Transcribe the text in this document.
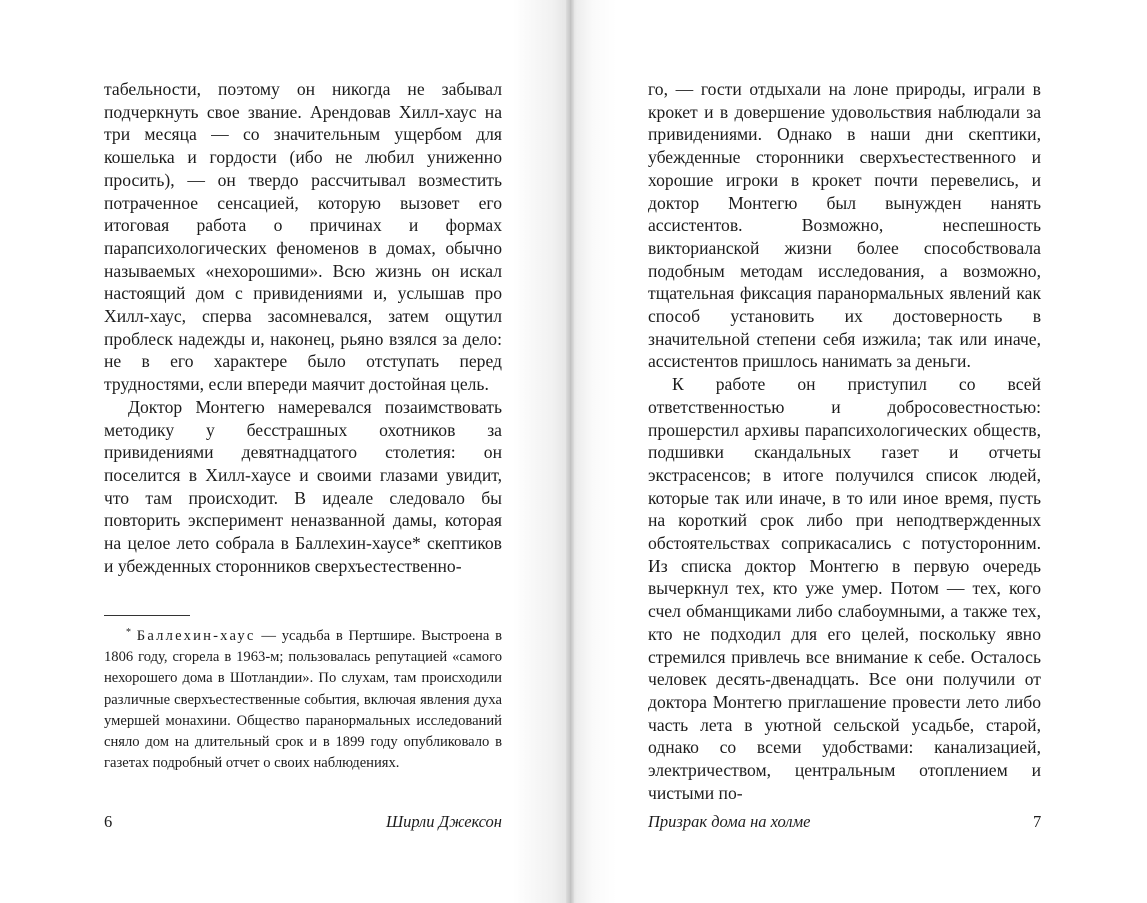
табельности, поэтому он никогда не забывал подчеркнуть свое звание. Арендовав Хилл-хаус на три месяца — со значительным ущербом для кошелька и гордости (ибо не любил униженно просить), — он твердо рассчитывал возместить потраченное сенсацией, которую вызовет его итоговая работа о причинах и формах парапсихологических феноменов в домах, обычно называемых «нехорошими». Всю жизнь он искал настоящий дом с привидениями и, услышав про Хилл-хаус, сперва засомневался, затем ощутил проблеск надежды и, наконец, рьяно взялся за дело: не в его характере было отступать перед трудностями, если впереди маячит достойная цель.

Доктор Монтегю намеревался позаимствовать методику у бесстрашных охотников за привидениями девятнадцатого столетия: он поселится в Хилл-хаусе и своими глазами увидит, что там происходит. В идеале следовало бы повторить эксперимент неназванной дамы, которая на целое лето собрала в Баллехин-хаусе* скептиков и убежденных сторонников сверхъестественно-

* Баллехин-хаус — усадьба в Пертшире. Выстроена в 1806 году, сгорела в 1963-м; пользовалась репутацией «самого нехорошего дома в Шотландии». По слухам, там происходили различные сверхъестественные события, включая явления духа умершей монахини. Общество паранормальных исследований сняло дом на длительный срок и в 1899 году опубликовало в газетах подробный отчет о своих наблюдениях.

6	Ширли Джексон

го, — гости отдыхали на лоне природы, играли в крокет и в довершение удовольствия наблюдали за привидениями. Однако в наши дни скептики, убежденные сторонники сверхъестественного и хорошие игроки в крокет почти перевелись, и доктор Монтегю был вынужден нанять ассистентов. Возможно, неспешность викторианской жизни более способствовала подобным методам исследования, а возможно, тщательная фиксация паранормальных явлений как способ установить их достоверность в значительной степени себя изжила; так или иначе, ассистентов пришлось нанимать за деньги.

К работе он приступил со всей ответственностью и добросовестностью: прошерстил архивы парапсихологических обществ, подшивки скандальных газет и отчеты экстрасенсов; в итоге получился список людей, которые так или иначе, в то или иное время, пусть на короткий срок либо при неподтвержденных обстоятельствах соприкасались с потусторонним. Из списка доктор Монтегю в первую очередь вычеркнул тех, кто уже умер. Потом — тех, кого счел обманщиками либо слабоумными, а также тех, кто не подходил для его целей, поскольку явно стремился привлечь все внимание к себе. Осталось человек десять-двенадцать. Все они получили от доктора Монтегю приглашение провести лето либо часть лета в уютной сельской усадьбе, старой, однако со всеми удобствами: канализацией, электричеством, центральным отоплением и чистыми по-

Призрак дома на холме	7
